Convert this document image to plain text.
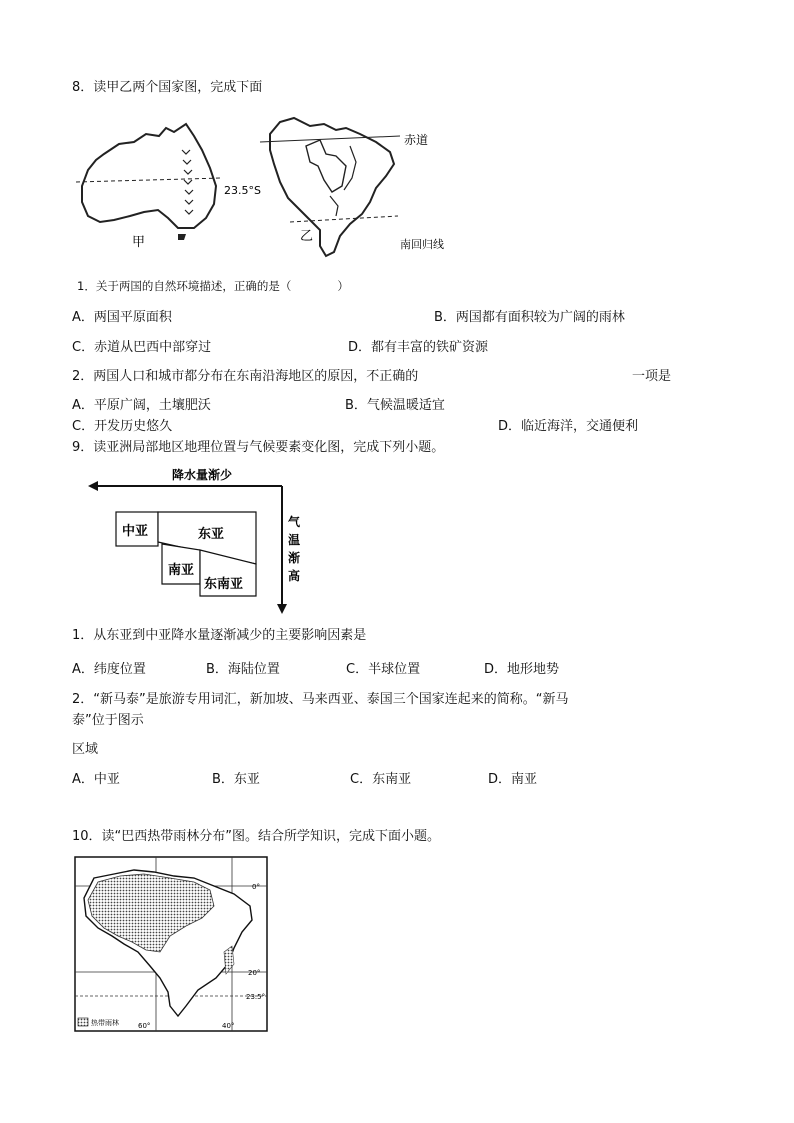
8．读甲乙两个国家图，完成下面
23.5°S
甲
赤道
南回归线
乙
1．关于两国的自然环境描述，正确的是（　　　　）
A．两国平原面积	B．两国都有面积较为广阔的雨林
C．赤道从巴西中部穿过	D．都有丰富的铁矿资源
2．两国人口和城市都分布在东南沿海地区的原因，不正确的	一项是
A．平原广阔，土壤肥沃	B．气候温暖适宜
C．开发历史悠久	D．临近海洋，交通便利
9．读亚洲局部地区地理位置与气候要素变化图，完成下列小题。
降水量渐少
气
温
渐
高
中亚	东亚
南亚
东南亚
1．从东亚到中亚降水量逐渐减少的主要影响因素是
A．纬度位置	B．海陆位置	C．半球位置	D．地形地势
2．“新马泰”是旅游专用词汇，新加坡、马来西亚、泰国三个国家连起来的简称。“新马
泰”位于图示
区域
A．中亚	B．东亚	C．东南亚	D．南亚
10．读“巴西热带雨林分布”图。结合所学知识，完成下面小题。
0°
20°
23.5°
60°	40°
热带雨林
